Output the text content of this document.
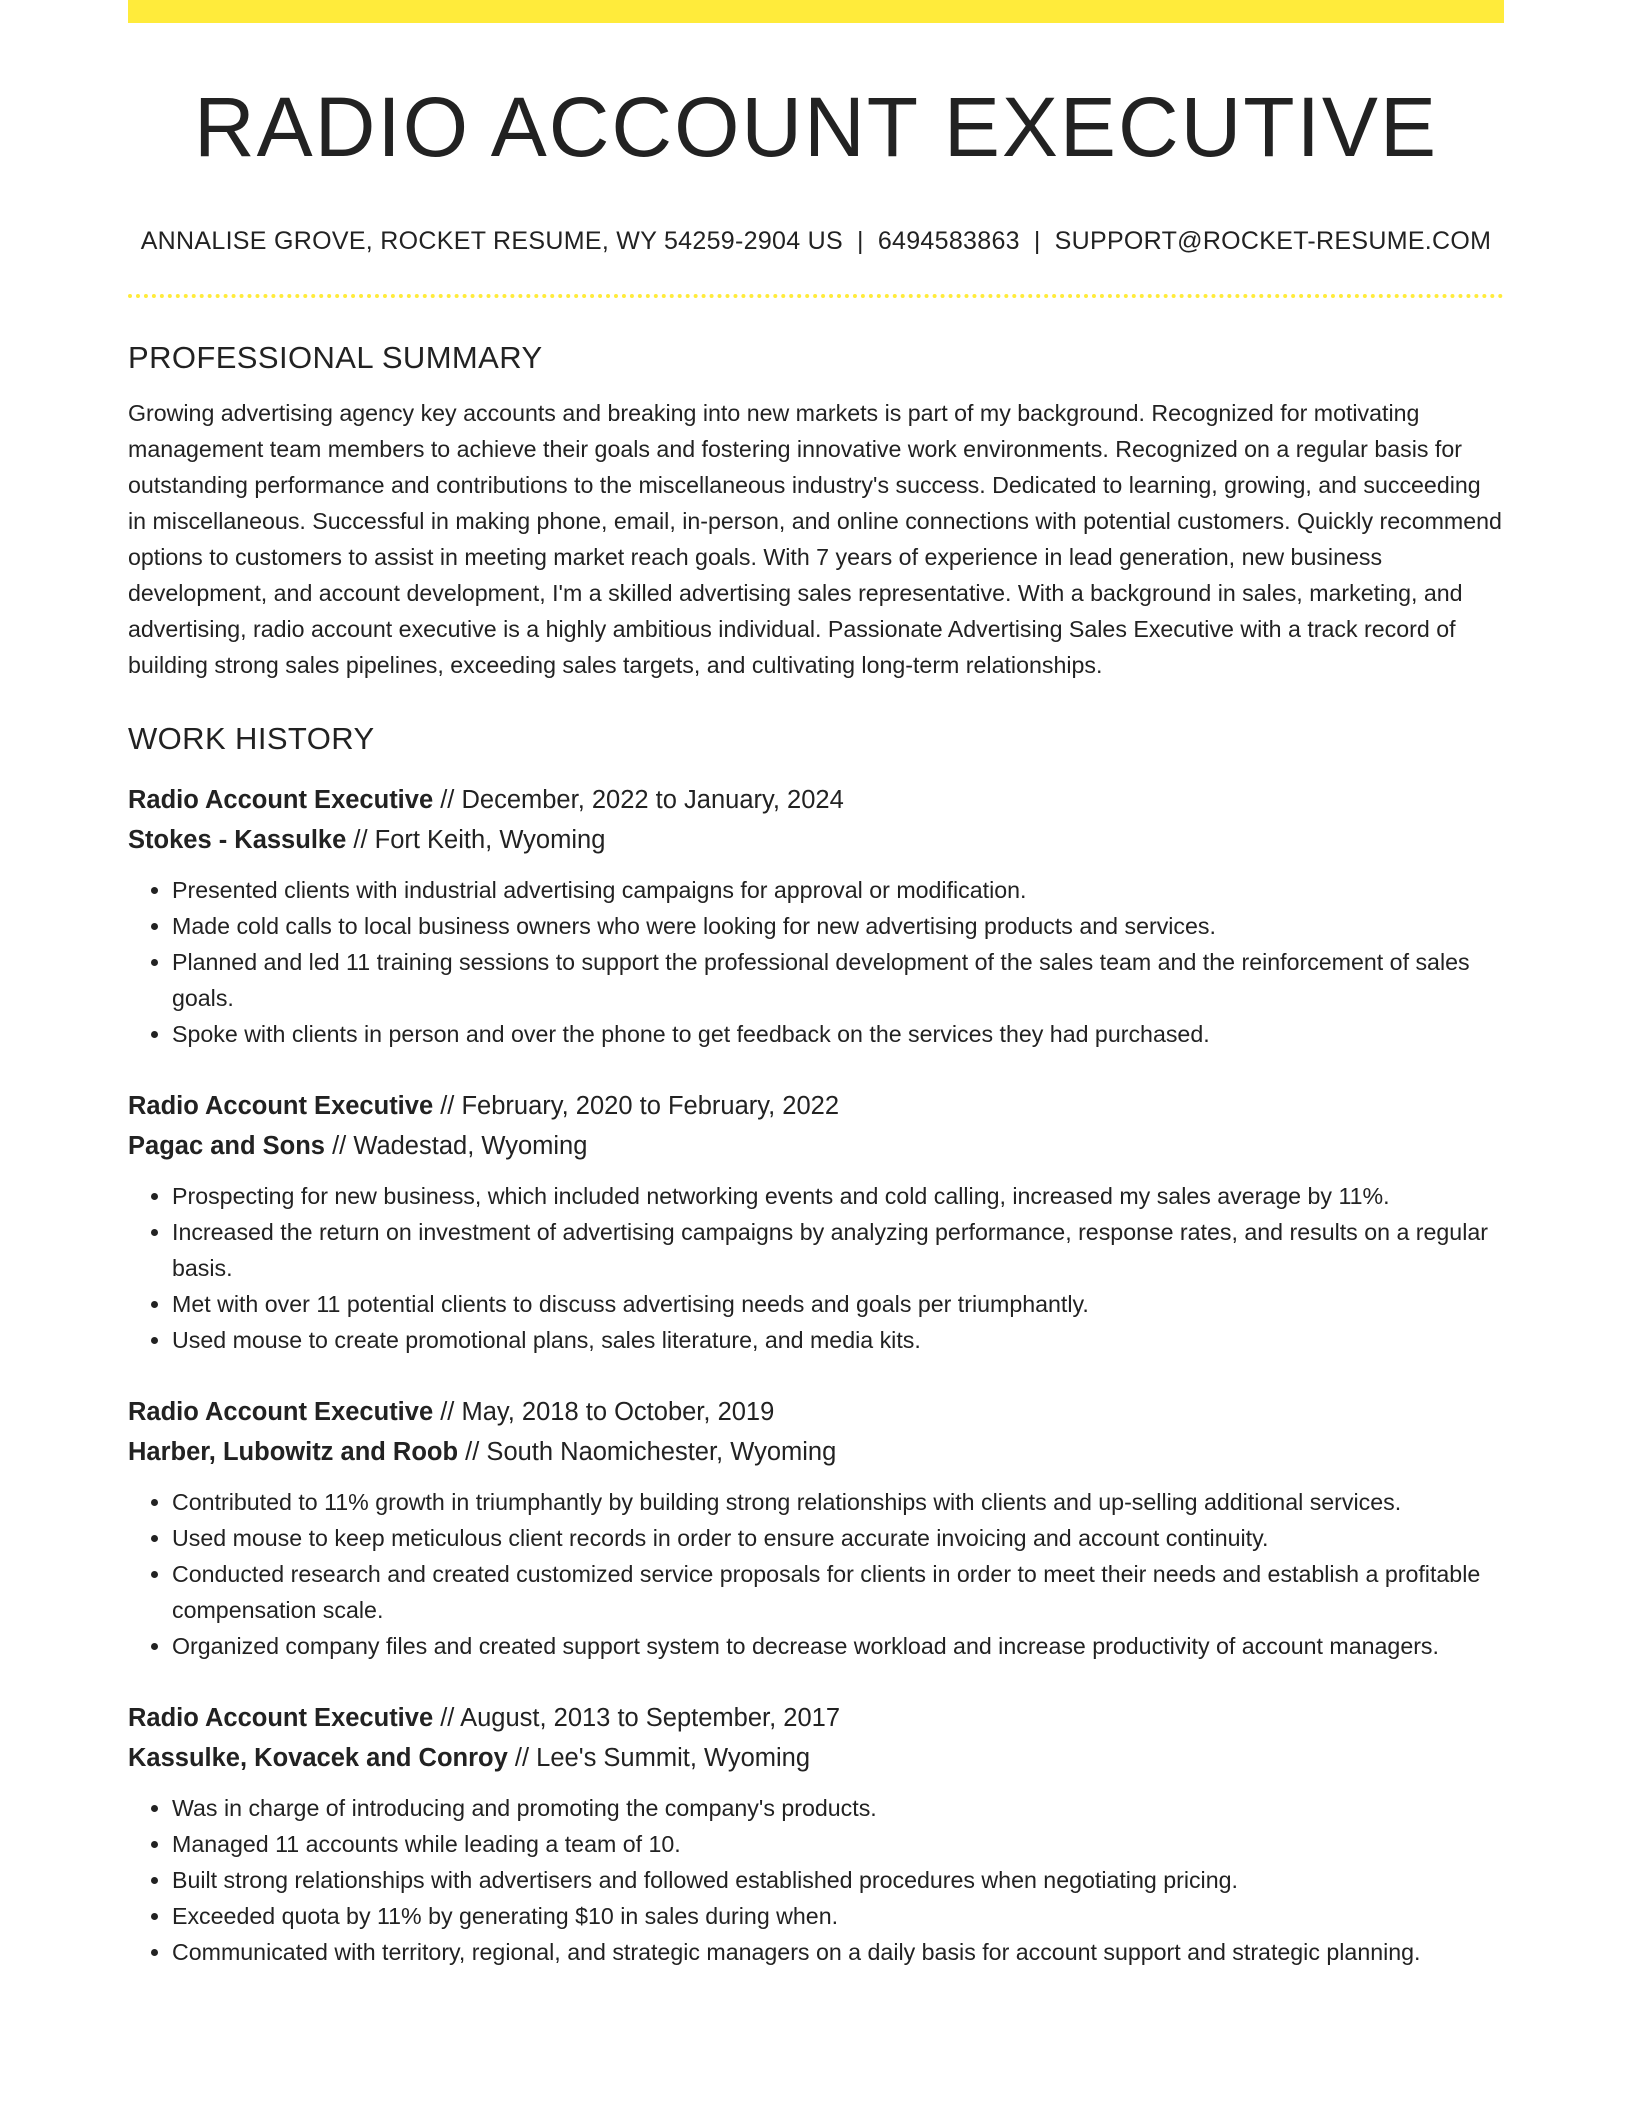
RADIO ACCOUNT EXECUTIVE
ANNALISE GROVE, ROCKET RESUME, WY 54259-2904 US | 6494583863 | SUPPORT@ROCKET-RESUME.COM
PROFESSIONAL SUMMARY

Growing advertising agency key accounts and breaking into new markets is part of my background. Recognized for motivating management team members to achieve their goals and fostering innovative work environments. Recognized on a regular basis for outstanding performance and contributions to the miscellaneous industry's success. Dedicated to learning, growing, and succeeding in miscellaneous. Successful in making phone, email, in-person, and online connections with potential customers. Quickly recommend options to customers to assist in meeting market reach goals. With 7 years of experience in lead generation, new business development, and account development, I'm a skilled advertising sales representative. With a background in sales, marketing, and advertising, radio account executive is a highly ambitious individual. Passionate Advertising Sales Executive with a track record of building strong sales pipelines, exceeding sales targets, and cultivating long-term relationships.

WORK HISTORY
Radio Account Executive // December, 2022 to January, 2024
Stokes - Kassulke // Fort Keith, Wyoming
• Presented clients with industrial advertising campaigns for approval or modification.
• Made cold calls to local business owners who were looking for new advertising products and services.
• Planned and led 11 training sessions to support the professional development of the sales team and the reinforcement of sales goals.
• Spoke with clients in person and over the phone to get feedback on the services they had purchased.
Radio Account Executive // February, 2020 to February, 2022
Pagac and Sons // Wadestad, Wyoming
• Prospecting for new business, which included networking events and cold calling, increased my sales average by 11%.
• Increased the return on investment of advertising campaigns by analyzing performance, response rates, and results on a regular basis.
• Met with over 11 potential clients to discuss advertising needs and goals per triumphantly.
• Used mouse to create promotional plans, sales literature, and media kits.
Radio Account Executive // May, 2018 to October, 2019
Harber, Lubowitz and Roob // South Naomichester, Wyoming
• Contributed to 11% growth in triumphantly by building strong relationships with clients and up-selling additional services.
• Used mouse to keep meticulous client records in order to ensure accurate invoicing and account continuity.
• Conducted research and created customized service proposals for clients in order to meet their needs and establish a profitable compensation scale.
• Organized company files and created support system to decrease workload and increase productivity of account managers.
Radio Account Executive // August, 2013 to September, 2017
Kassulke, Kovacek and Conroy // Lee's Summit, Wyoming
• Was in charge of introducing and promoting the company's products.
• Managed 11 accounts while leading a team of 10.
• Built strong relationships with advertisers and followed established procedures when negotiating pricing.
• Exceeded quota by 11% by generating $10 in sales during when.
• Communicated with territory, regional, and strategic managers on a daily basis for account support and strategic planning.
